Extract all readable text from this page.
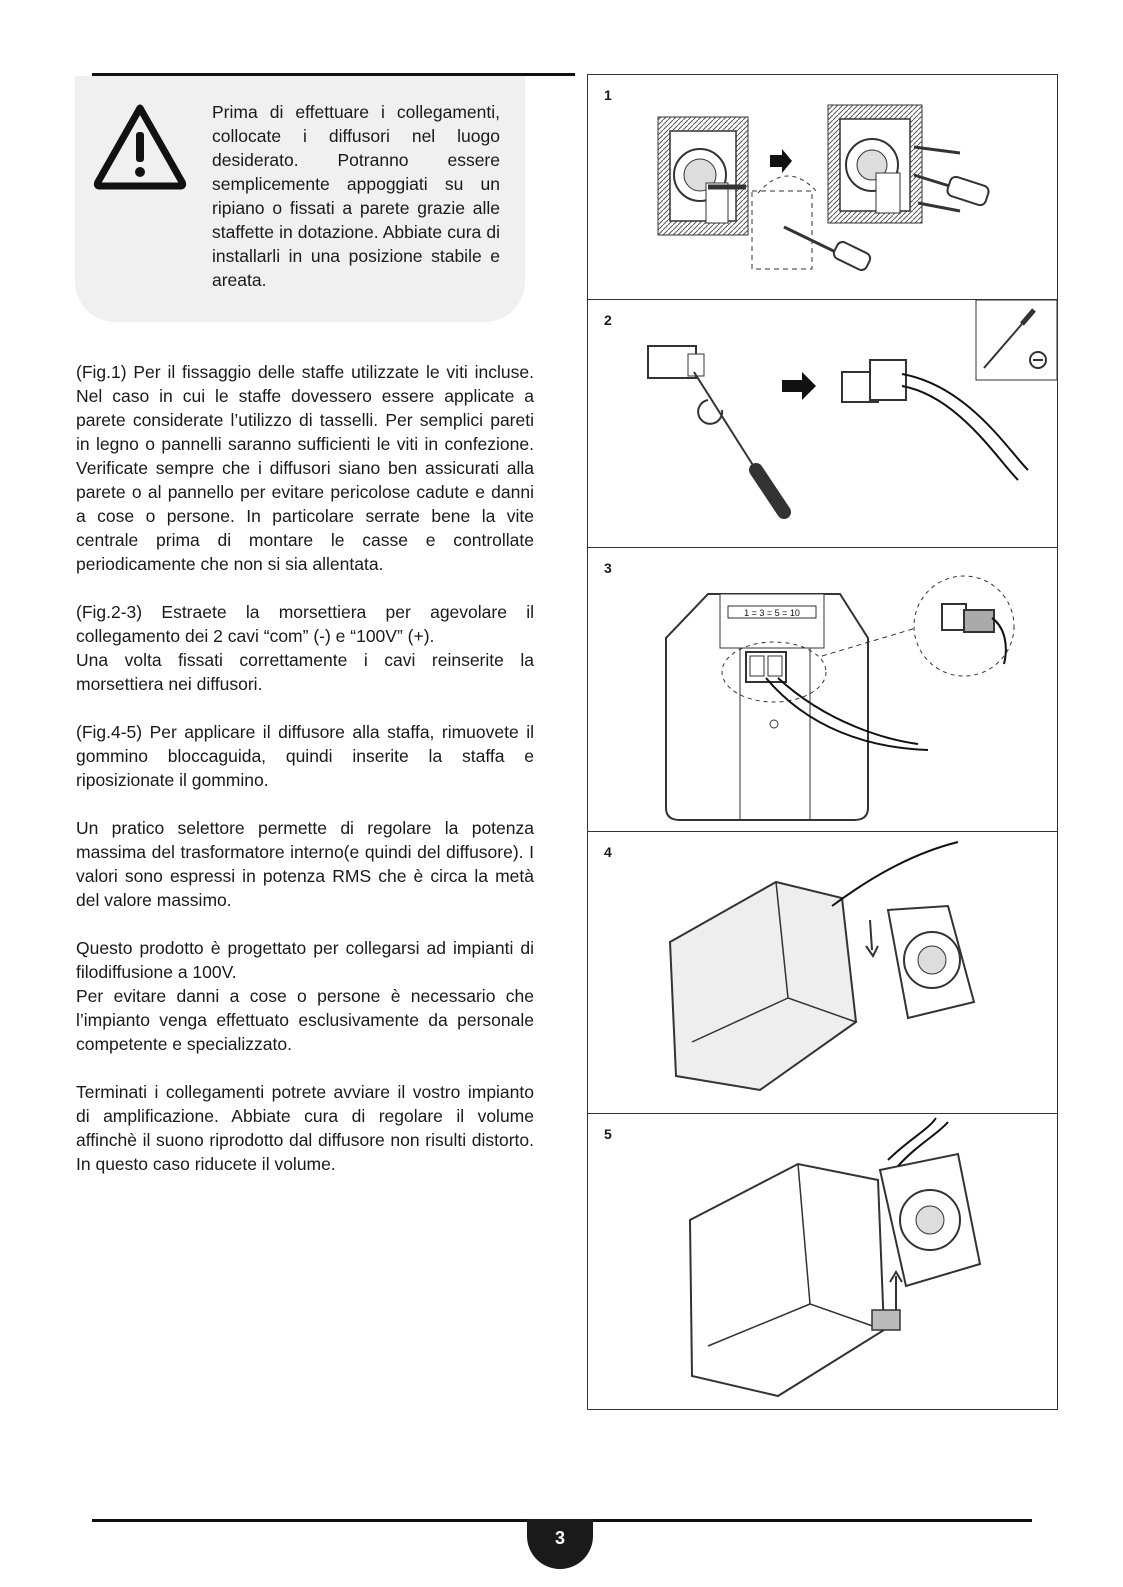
Prima di effettuare i collegamenti, collocate i diffusori nel luogo desiderato. Potranno essere semplicemente appoggiati su un ripiano o fissati a parete grazie alle staffette in dotazione. Abbiate cura di installarli in una posizione stabile e areata.

(Fig.1) Per il fissaggio delle staffe utilizzate le viti incluse. Nel caso in cui le staffe dovessero essere applicate a parete considerate l’utilizzo di tasselli. Per semplici pareti in legno o pannelli saranno sufficienti le viti in confezione. Verificate sempre che i diffusori siano ben assicurati alla parete o al pannello per evitare pericolose cadute e danni a cose o persone. In particolare serrate bene la vite centrale prima di montare le casse e controllate periodicamente che non si sia allentata.

(Fig.2-3) Estraete la morsettiera per agevolare il collegamento dei 2 cavi “com” (-) e “100V” (+).

Una volta fissati correttamente i cavi reinserite la morsettiera nei diffusori.

(Fig.4-5) Per applicare il diffusore alla staffa, rimuovete il gommino bloccaguida, quindi inserite la staffa e riposizionate il gommino.

Un pratico selettore permette di regolare la potenza massima del trasformatore interno(e quindi del diffusore). I valori sono espressi in potenza RMS che è circa la metà del valore massimo.

Questo prodotto è progettato per collegarsi ad impianti di filodiffusione a 100V.

Per evitare danni a cose o persone è necessario che l’impianto venga effettuato esclusivamente da personale competente e specializzato.

Terminati i collegamenti potrete avviare il vostro impianto di amplificazione. Abbiate cura di regolare il volume affinchè il suono riprodotto dal diffusore non risulti distorto. In questo caso riducete il volume.

1
2
1 = 3 = 5 = 10
3
4
5
3
